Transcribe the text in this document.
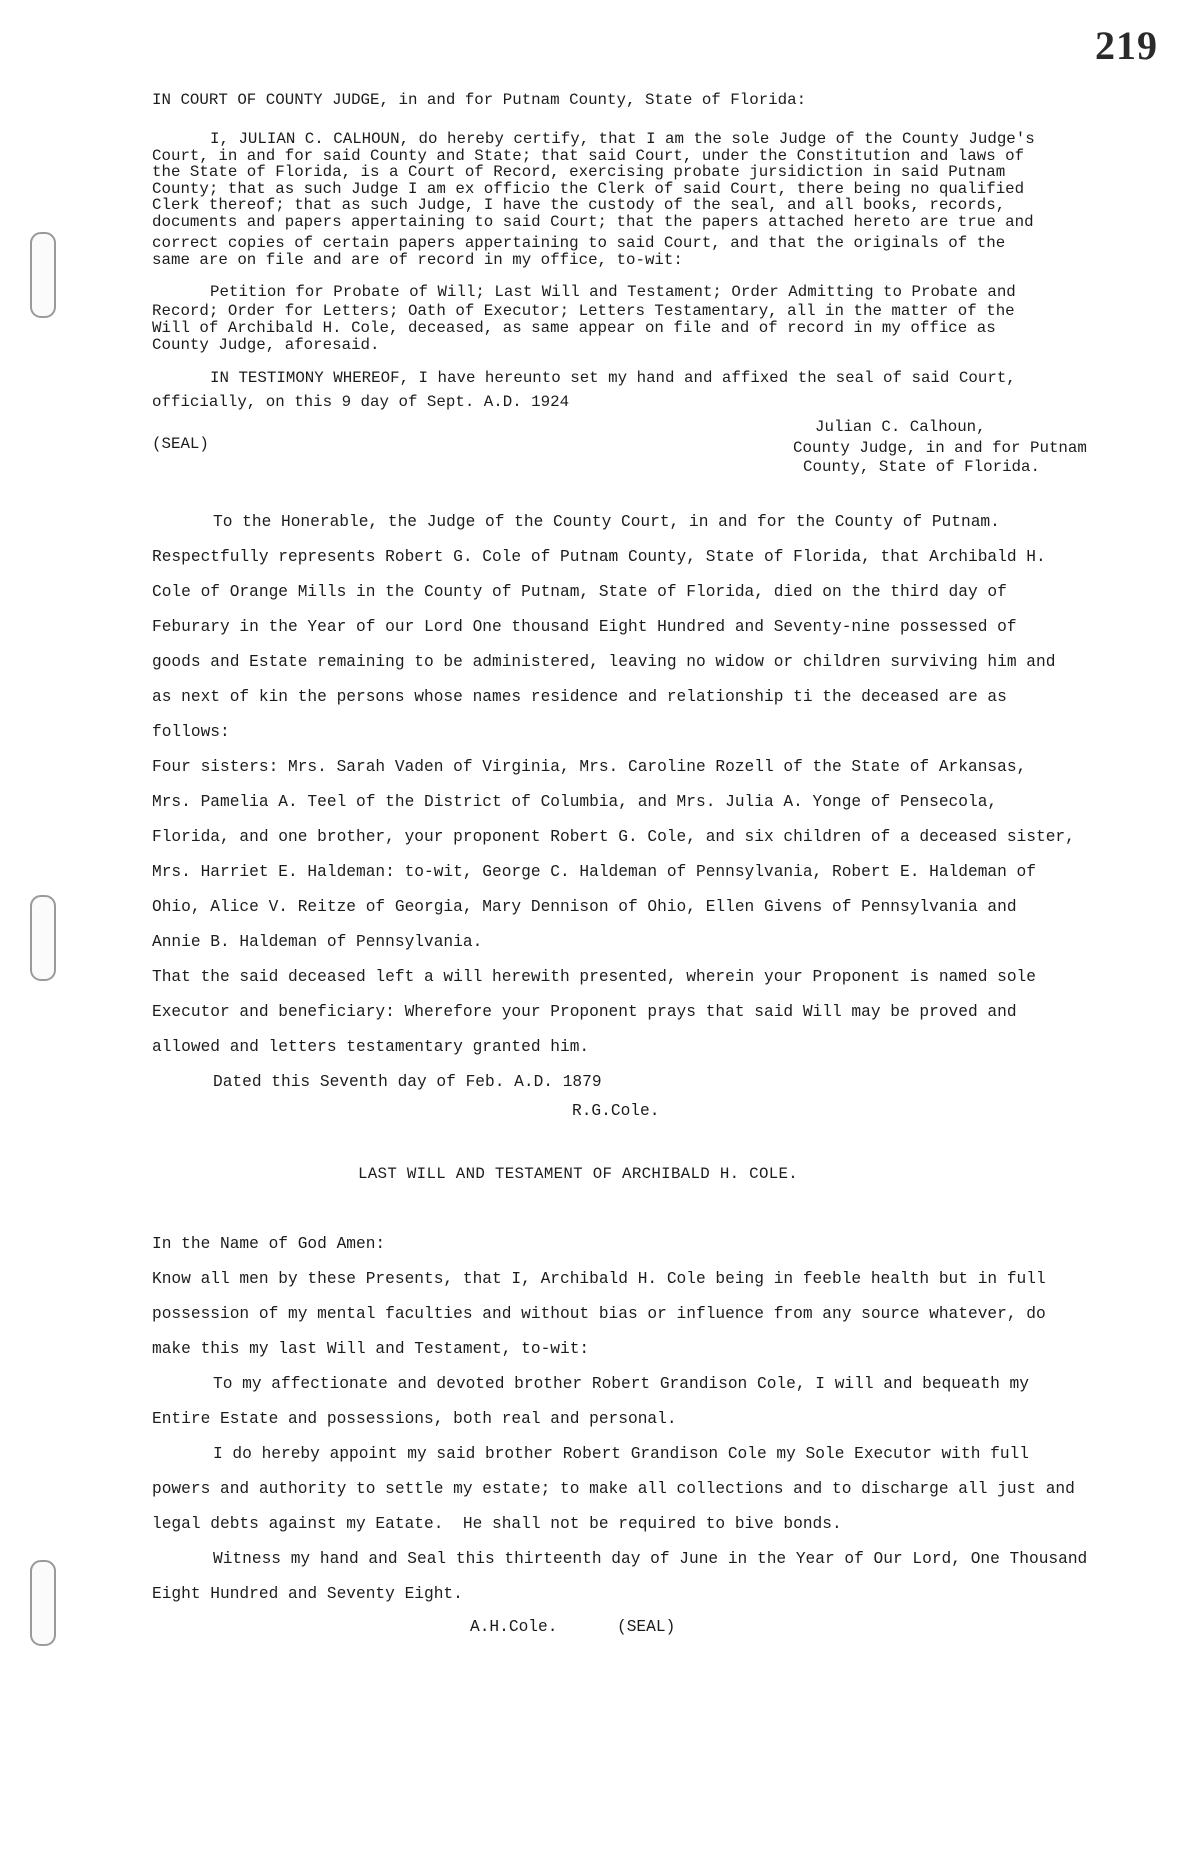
219
IN COURT OF COUNTY JUDGE, in and for Putnam County, State of Florida:
I, JULIAN C. CALHOUN, do hereby certify, that I am the sole Judge of the County Judge's
Court, in and for said County and State; that said Court, under the Constitution and laws of
the State of Florida, is a Court of Record, exercising probate jursidiction in said Putnam
County; that as such Judge I am ex officio the Clerk of said Court, there being no qualified
Clerk thereof; that as such Judge, I have the custody of the seal, and all books, records,
documents and papers appertaining to said Court; that the papers attached hereto are true and
correct copies of certain papers appertaining to said Court, and that the originals of the
same are on file and are of record in my office, to-wit:
Petition for Probate of Will; Last Will and Testament; Order Admitting to Probate and
Record; Order for Letters; Oath of Executor; Letters Testamentary, all in the matter of the
Will of Archibald H. Cole, deceased, as same appear on file and of record in my office as
County Judge, aforesaid.
IN TESTIMONY WHEREOF, I have hereunto set my hand and affixed the seal of said Court,
officially, on this 9 day of Sept. A.D. 1924
(SEAL)
Julian C. Calhoun,
County Judge, in and for Putnam
County, State of Florida.
To the Honerable, the Judge of the County Court, in and for the County of Putnam.
Respectfully represents Robert G. Cole of Putnam County, State of Florida, that Archibald H.
Cole of Orange Mills in the County of Putnam, State of Florida, died on the third day of
Feburary in the Year of our Lord One thousand Eight Hundred and Seventy-nine possessed of
goods and Estate remaining to be administered, leaving no widow or children surviving him and
as next of kin the persons whose names residence and relationship ti the deceased are as
follows:
Four sisters: Mrs. Sarah Vaden of Virginia, Mrs. Caroline Rozell of the State of Arkansas,
Mrs. Pamelia A. Teel of the District of Columbia, and Mrs. Julia A. Yonge of Pensecola,
Florida, and one brother, your proponent Robert G. Cole, and six children of a deceased sister,
Mrs. Harriet E. Haldeman: to-wit, George C. Haldeman of Pennsylvania, Robert E. Haldeman of
Ohio, Alice V. Reitze of Georgia, Mary Dennison of Ohio, Ellen Givens of Pennsylvania and
Annie B. Haldeman of Pennsylvania.
That the said deceased left a will herewith presented, wherein your Proponent is named sole
Executor and beneficiary: Wherefore your Proponent prays that said Will may be proved and
allowed and letters testamentary granted him.
Dated this Seventh day of Feb. A.D. 1879
R.G.Cole.
LAST WILL AND TESTAMENT OF ARCHIBALD H. COLE.
In the Name of God Amen:
Know all men by these Presents, that I, Archibald H. Cole being in feeble health but in full
possession of my mental faculties and without bias or influence from any source whatever, do
make this my last Will and Testament, to-wit:
To my affectionate and devoted brother Robert Grandison Cole, I will and bequeath my
Entire Estate and possessions, both real and personal.
I do hereby appoint my said brother Robert Grandison Cole my Sole Executor with full
powers and authority to settle my estate; to make all collections and to discharge all just and
legal debts against my Eatate.  He shall not be required to bive bonds.
Witness my hand and Seal this thirteenth day of June in the Year of Our Lord, One Thousand
Eight Hundred and Seventy Eight.
A.H.Cole.	(SEAL)
